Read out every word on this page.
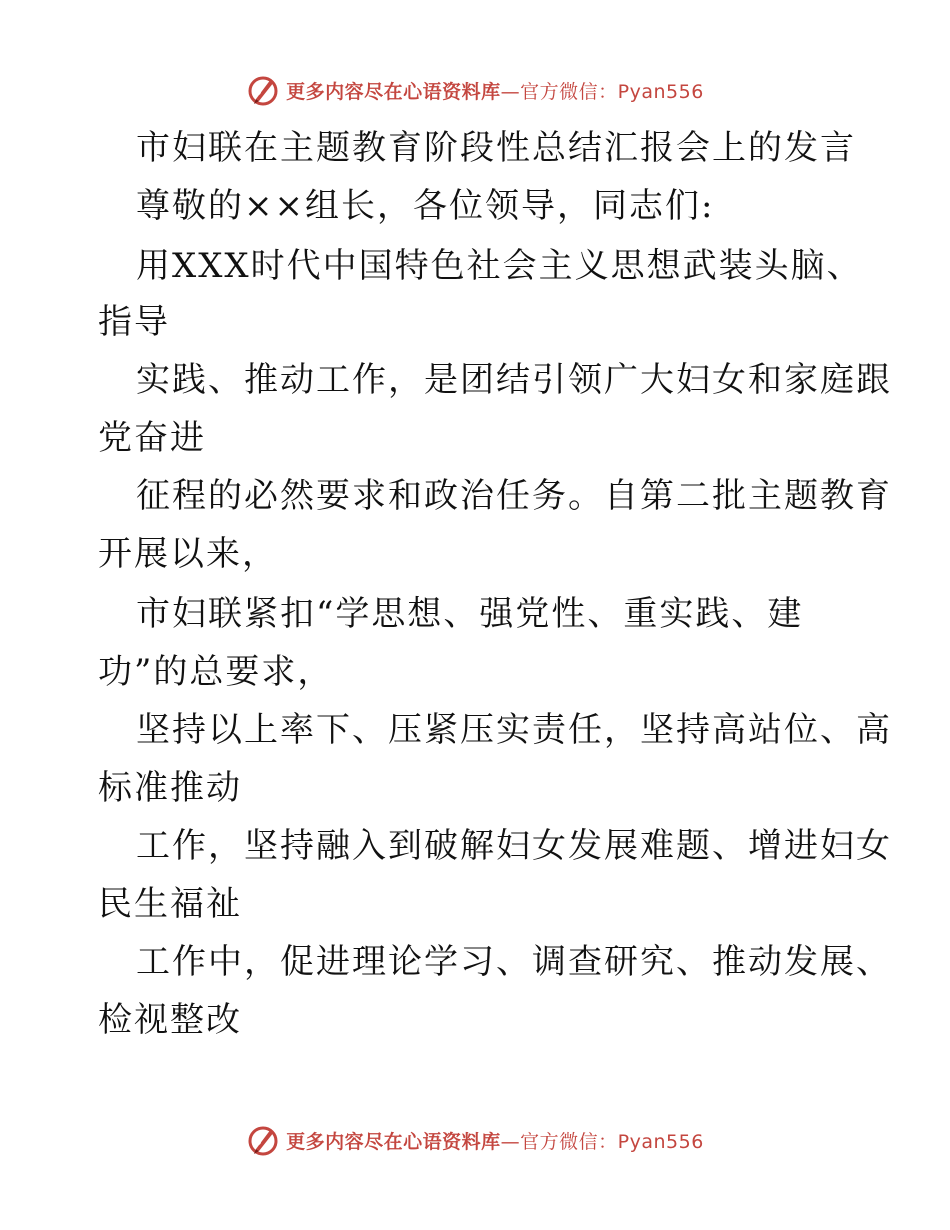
更多内容尽在心语资料库—官方微信：Pyan556
市妇联在主题教育阶段性总结汇报会上的发言
尊敬的××组长，各位领导，同志们:
用XXX时代中国特色社会主义思想武装头脑、
指导
实践、推动工作，是团结引领广大妇女和家庭跟
党奋进
征程的必然要求和政治任务。自第二批主题教育
开展以来，
市妇联紧扣“学思想、强党性、重实践、建
功”的总要求，
坚持以上率下、压紧压实责任，坚持高站位、高
标准推动
工作，坚持融入到破解妇女发展难题、增进妇女
民生福祉
工作中，促进理论学习、调查研究、推动发展、
检视整改
更多内容尽在心语资料库—官方微信：Pyan556
